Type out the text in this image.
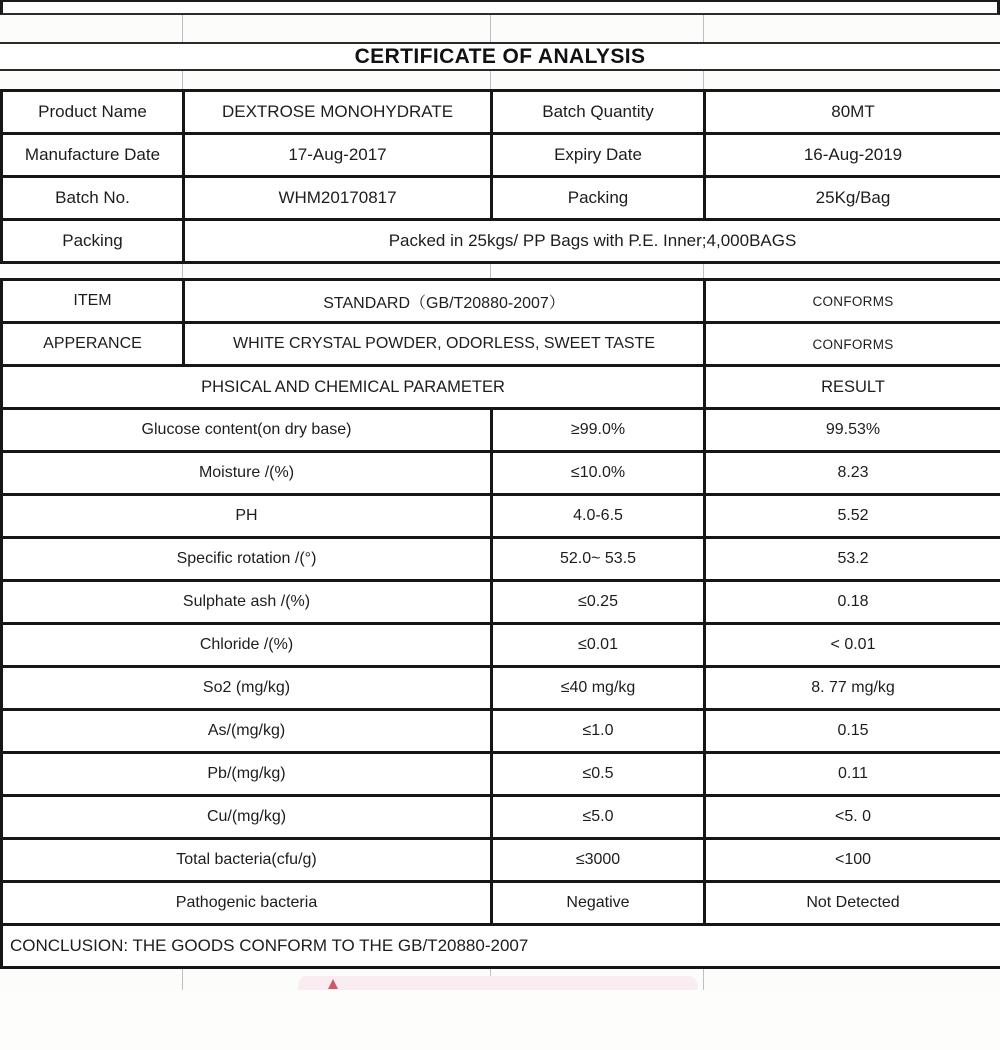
CERTIFICATE OF ANALYSIS
Product Name	DEXTROSE MONOHYDRATE	Batch Quantity	80MT
Manufacture Date	17-Aug-2017	Expiry Date	16-Aug-2019
Batch No.	WHM20170817	Packing	25Kg/Bag
Packing	Packed in 25kgs/ PP Bags with P.E. Inner;4,000BAGS		
ITEM	STANDARD（GB/T20880-2007）		CONFORMS
APPERANCE	WHITE CRYSTAL POWDER, ODORLESS, SWEET TASTE		CONFORMS
PHSICAL AND CHEMICAL PARAMETER			RESULT
Glucose content(on dry base)		≥99.0%	99.53%
Moisture /(%)		≤10.0%	8.23
PH		4.0-6.5	5.52
Specific rotation /(°)		52.0~ 53.5	53.2
Sulphate ash /(%)		≤0.25	0.18
Chloride /(%)		≤0.01	< 0.01
So2 (mg/kg)		≤40 mg/kg	8. 77 mg/kg
As/(mg/kg)		≤1.0	0.15
Pb/(mg/kg)		≤0.5	0.11
Cu/(mg/kg)		≤5.0	<5. 0
Total bacteria(cfu/g)		≤3000	<100
Pathogenic bacteria		Negative	Not Detected
CONCLUSION: THE GOODS CONFORM TO THE GB/T20880-2007			
